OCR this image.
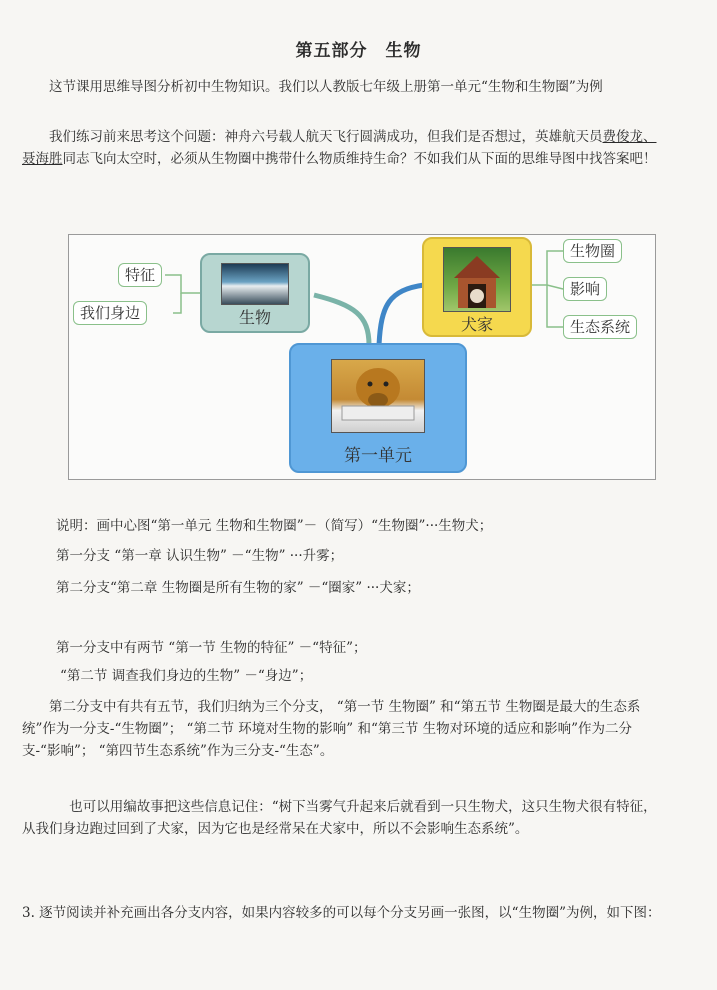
第五部分　生物

这节课用思维导图分析初中生物知识。我们以人教版七年级上册第一单元“生物和生物圈”为例

我们练习前来思考这个问题：神舟六号载人航天飞行圆满成功，但我们是否想过，英雄航天员费俊龙、聂海胜同志飞向太空时，必须从生物圈中携带什么物质维持生命？不如我们从下面的思维导图中找答案吧！

生物	犬家
第一单元
特征
我们身边
生物圈
影响
生态系统

说明：画中心图“第一单元 生物和生物圈”－（简写）“生物圈”···生物犬；

第一分支 “第一章 认识生物” －“生物” ···升雾；

第二分支“第二章 生物圈是所有生物的家” －“圈家” ···犬家；

第一分支中有两节 “第一节 生物的特征” －“特征”；

“第二节 调查我们身边的生物” －“身边”；

第二分支中有共有五节，我们归纳为三个分支， “第一节 生物圈” 和“第五节 生物圈是最大的生态系统”作为一分支-“生物圈”； “第二节 环境对生物的影响” 和“第三节 生物对环境的适应和影响”作为二分支-“影响”； “第四节生态系统”作为三分支-“生态”。

也可以用编故事把这些信息记住：“树下当雾气升起来后就看到一只生物犬，这只生物犬很有特征，从我们身边跑过回到了犬家，因为它也是经常呆在犬家中，所以不会影响生态系统”。

3. 逐节阅读并补充画出各分支内容，如果内容较多的可以每个分支另画一张图，以“生物圈”为例，如下图：
